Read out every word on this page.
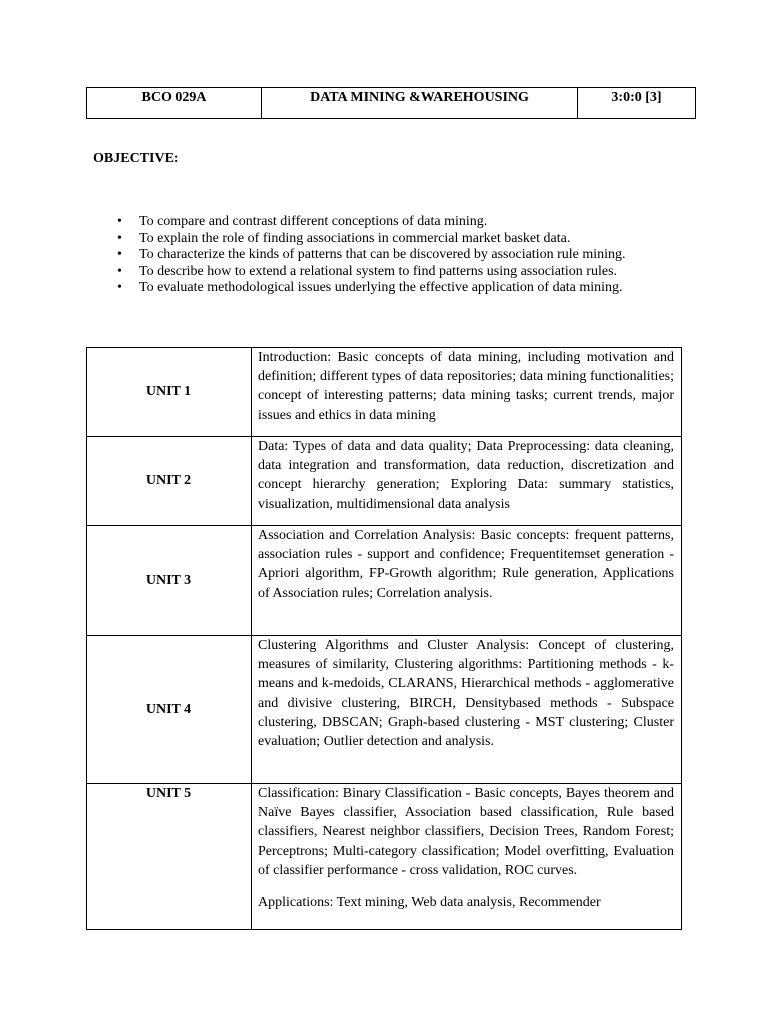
BCO 029A	DATA MINING &WAREHOUSING	3:0:0 [3]
OBJECTIVE:
• To compare and contrast different conceptions of data mining.
• To explain the role of finding associations in commercial market basket data.
• To characterize the kinds of patterns that can be discovered by association rule mining.
• To describe how to extend a relational system to find patterns using association rules.
• To evaluate methodological issues underlying the effective application of data mining.
UNIT 1	Introduction: Basic concepts of data mining, including motivation and definition; different types of data repositories; data mining functionalities; concept of interesting patterns; data mining tasks; current trends, major issues and ethics in data mining
UNIT 2	Data: Types of data and data quality; Data Preprocessing: data cleaning, data integration and transformation, data reduction, discretization and concept hierarchy generation; Exploring Data: summary statistics, visualization, multidimensional data analysis
UNIT 3	Association and Correlation Analysis: Basic concepts: frequent patterns, association rules - support and confidence; Frequentitemset generation - Apriori algorithm, FP-Growth algorithm; Rule generation, Applications of Association rules; Correlation analysis.
UNIT 4	Clustering Algorithms and Cluster Analysis: Concept of clustering, measures of similarity, Clustering algorithms: Partitioning methods - k-means and k-medoids, CLARANS, Hierarchical methods - agglomerative and divisive clustering, BIRCH, Densitybased methods - Subspace clustering, DBSCAN; Graph-based clustering - MST clustering; Cluster evaluation; Outlier detection and analysis.
UNIT 5	Classification: Binary Classification - Basic concepts, Bayes theorem and Naïve Bayes classifier, Association based classification, Rule based classifiers, Nearest neighbor classifiers, Decision Trees, Random Forest; Perceptrons; Multi-category classification; Model overfitting, Evaluation of classifier performance - cross validation, ROC curves.

Applications: Text mining, Web data analysis, Recommender
